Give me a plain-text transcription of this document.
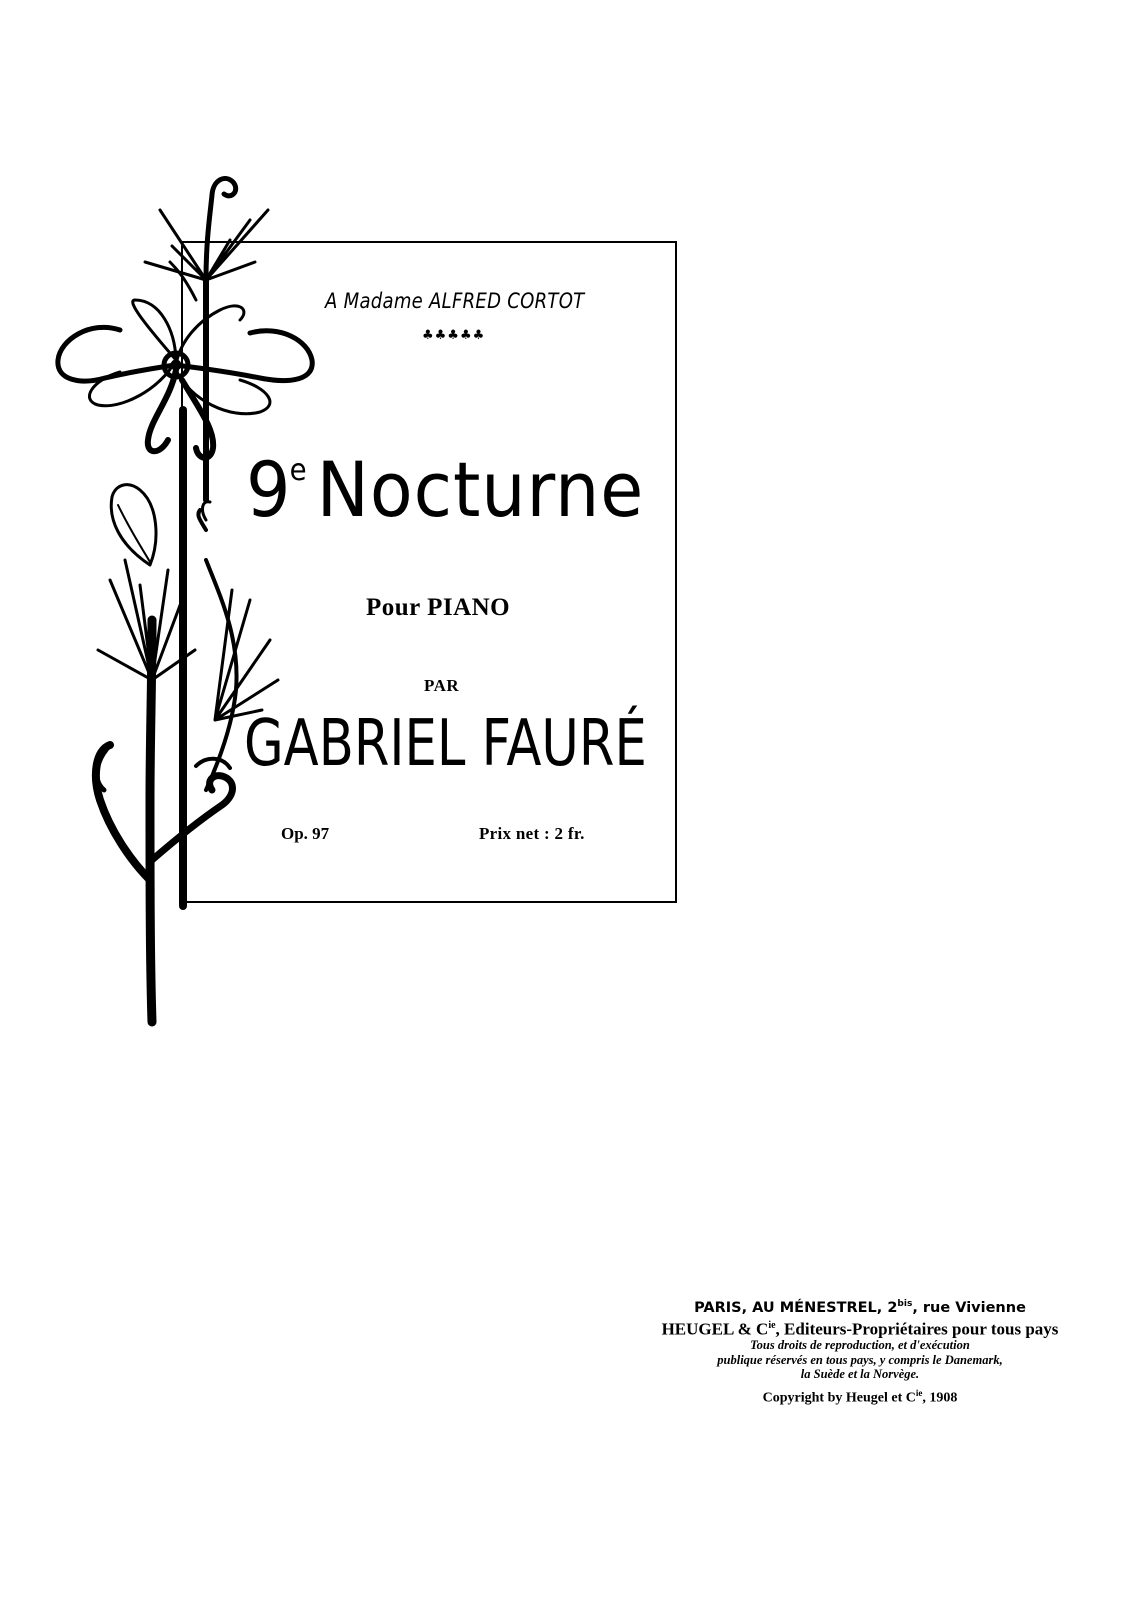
A Madame ALFRED CORTOT

♣♣♣♣♣

9e Nocturne

Pour PIANO

PAR

GABRIEL FAURÉ

Op. 97	Prix net : 2 fr.

PARIS, AU MÉNESTREL, $2^{bis}$, rue Vivienne
HEUGEL & $C^{ie}$, Editeurs-Propriétaires pour tous pays
Tous droits de reproduction, et d'exécution
publique réservés en tous pays, y compris le Danemark,
la Suède et la Norvège.
Copyright by Heugel et $C^{ie}$, 1908
